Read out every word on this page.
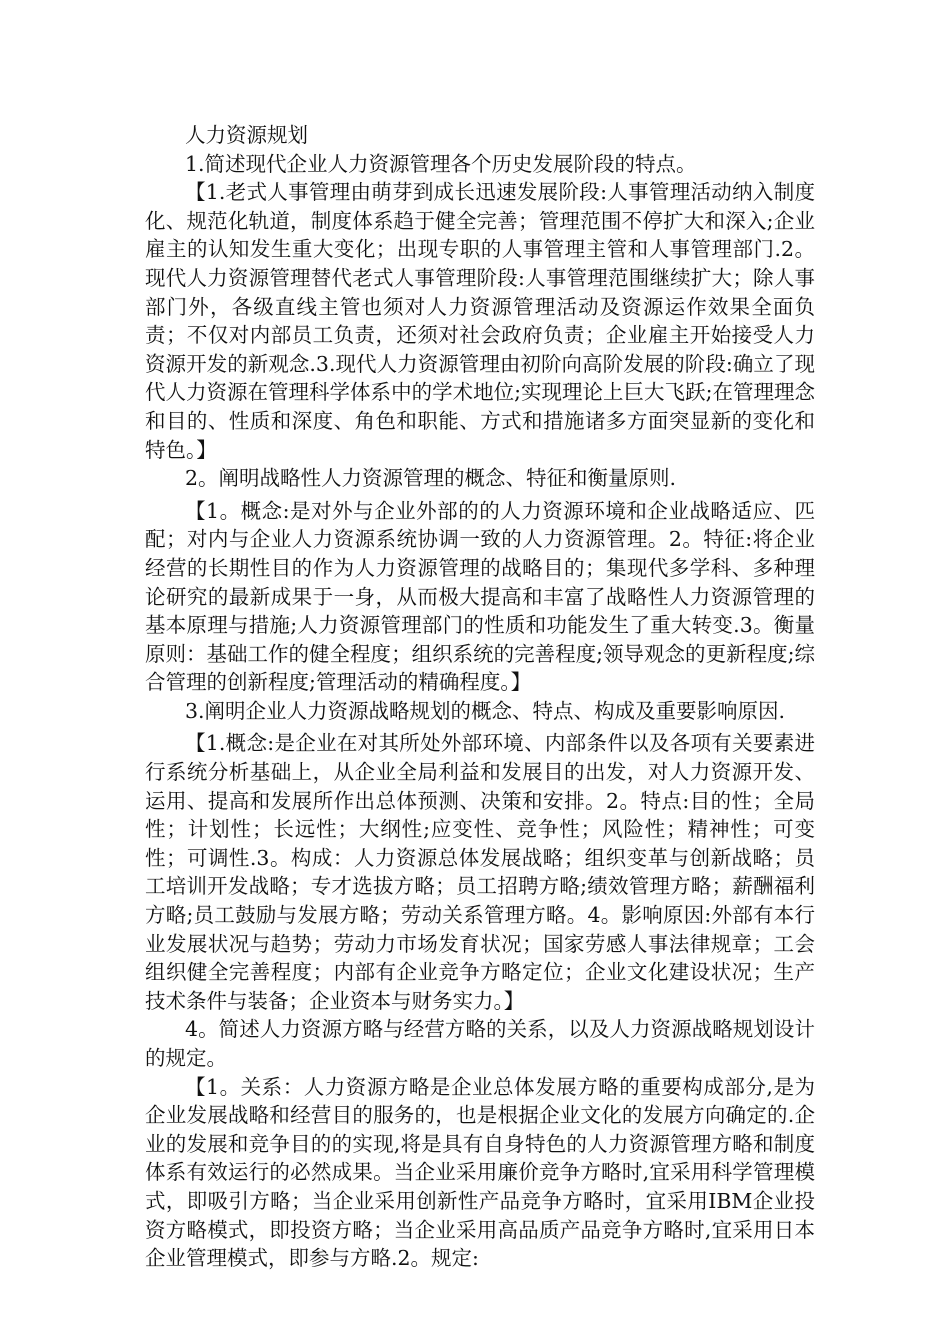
人力资源规划

1.简述现代企业人力资源管理各个历史发展阶段的特点。

【1.老式人事管理由萌芽到成长迅速发展阶段:人事管理活动纳入制度化、规范化轨道，制度体系趋于健全完善；管理范围不停扩大和深入;企业雇主的认知发生重大变化；出现专职的人事管理主管和人事管理部门.2。现代人力资源管理替代老式人事管理阶段:人事管理范围继续扩大；除人事部门外，各级直线主管也须对人力资源管理活动及资源运作效果全面负责；不仅对内部员工负责，还须对社会政府负责；企业雇主开始接受人力资源开发的新观念.3.现代人力资源管理由初阶向高阶发展的阶段:确立了现代人力资源在管理科学体系中的学术地位;实现理论上巨大飞跃;在管理理念和目的、性质和深度、角色和职能、方式和措施诸多方面突显新的变化和特色。】

2。阐明战略性人力资源管理的概念、特征和衡量原则.

【1。概念:是对外与企业外部的的人力资源环境和企业战略适应、匹配；对内与企业人力资源系统协调一致的人力资源管理。2。特征:将企业经营的长期性目的作为人力资源管理的战略目的；集现代多学科、多种理论研究的最新成果于一身，从而极大提高和丰富了战略性人力资源管理的基本原理与措施;人力资源管理部门的性质和功能发生了重大转变.3。衡量原则：基础工作的健全程度；组织系统的完善程度;领导观念的更新程度;综合管理的创新程度;管理活动的精确程度。】

3.阐明企业人力资源战略规划的概念、特点、构成及重要影响原因.

【1.概念:是企业在对其所处外部环境、内部条件以及各项有关要素进行系统分析基础上，从企业全局利益和发展目的出发，对人力资源开发、运用、提高和发展所作出总体预测、决策和安排。2。特点:目的性；全局性；计划性；长远性；大纲性;应变性、竞争性；风险性；精神性；可变性；可调性.3。构成：人力资源总体发展战略；组织变革与创新战略；员工培训开发战略；专才选拔方略；员工招聘方略;绩效管理方略；薪酬福利方略;员工鼓励与发展方略；劳动关系管理方略。4。影响原因:外部有本行业发展状况与趋势；劳动力市场发育状况；国家劳感人事法律规章；工会组织健全完善程度；内部有企业竞争方略定位；企业文化建设状况；生产技术条件与装备；企业资本与财务实力。】

4。简述人力资源方略与经营方略的关系，以及人力资源战略规划设计的规定。

【1。关系：人力资源方略是企业总体发展方略的重要构成部分,是为企业发展战略和经营目的服务的，也是根据企业文化的发展方向确定的.企业的发展和竞争目的的实现,将是具有自身特色的人力资源管理方略和制度体系有效运行的必然成果。当企业采用廉价竞争方略时,宜采用科学管理模式，即吸引方略；当企业采用创新性产品竞争方略时，宜采用IBM企业投资方略模式，即投资方略；当企业采用高品质产品竞争方略时,宜采用日本企业管理模式，即参与方略.2。规定:
